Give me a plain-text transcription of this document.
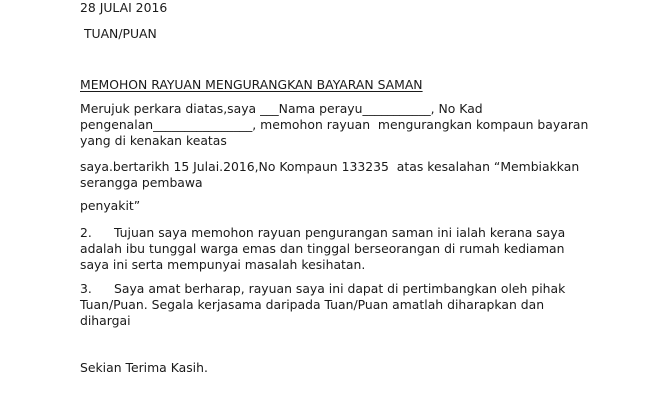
28 JULAI 2016
TUAN/PUAN
MEMOHON RAYUAN MENGURANGKAN BAYARAN SAMAN
Merujuk perkara diatas,saya ___Nama perayu___________, No Kad
pengenalan________________, memohon rayuan  mengurangkan kompaun bayaran
yang di kenakan keatas
saya.bertarikh 15 Julai.2016,No Kompaun 133235  atas kesalahan “Membiakkan
serangga pembawa
penyakit”
2. Tujuan saya memohon rayuan pengurangan saman ini ialah kerana saya
adalah ibu tunggal warga emas dan tinggal berseorangan di rumah kediaman
saya ini serta mempunyai masalah kesihatan.
3. Saya amat berharap, rayuan saya ini dapat di pertimbangkan oleh pihak
Tuan/Puan. Segala kerjasama daripada Tuan/Puan amatlah diharapkan dan
dihargai
Sekian Terima Kasih.
